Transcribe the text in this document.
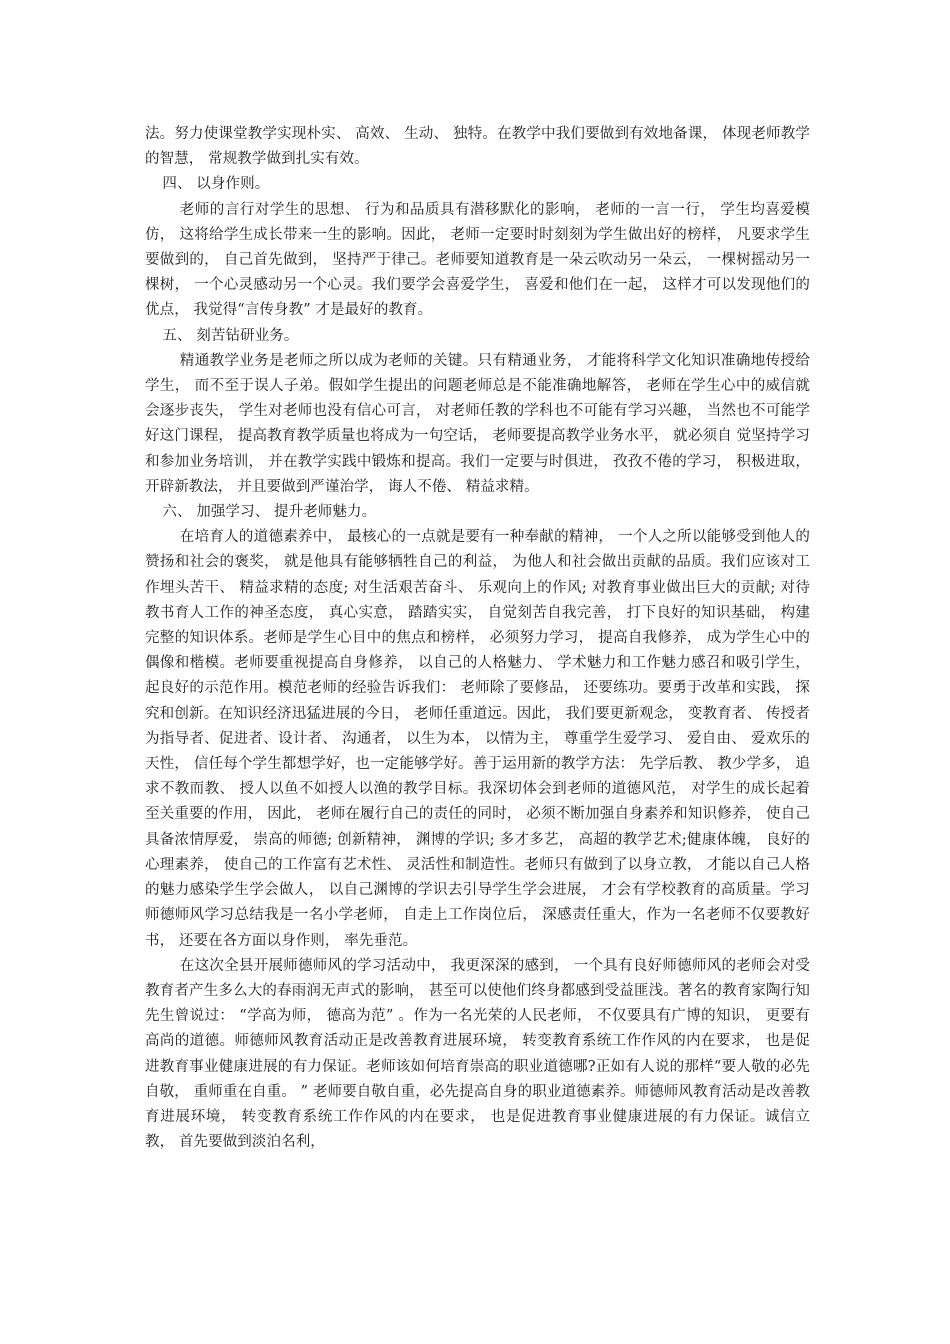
法。努力使课堂教学实现朴实、 高效、 生动、 独特。在教学中我们要做到有效地备课， 体现老师教学的智慧， 常规教学做到扎实有效。

四、 以身作则。

老师的言行对学生的思想、 行为和品质具有潜移默化的影响， 老师的一言一行， 学生均喜爱模仿， 这将给学生成长带来一生的影响。因此， 老师一定要时时刻刻为学生做出好的榜样， 凡要求学生要做到的， 自己首先做到， 坚持严于律己。老师要知道教育是一朵云吹动另一朵云， 一棵树摇动另一棵树， 一个心灵感动另一个心灵。我们要学会喜爱学生， 喜爱和他们在一起， 这样才可以发现他们的优点， 我觉得“言传身教” 才是最好的教育。

五、 刻苦钻研业务。

精通教学业务是老师之所以成为老师的关键。只有精通业务， 才能将科学文化知识准确地传授给学生， 而不至于误人子弟。假如学生提出的问题老师总是不能准确地解答， 老师在学生心中的威信就会逐步丧失， 学生对老师也没有信心可言， 对老师任教的学科也不可能有学习兴趣， 当然也不可能学好这门课程， 提高教育教学质量也将成为一句空话， 老师要提高教学业务水平， 就必须自 觉坚持学习和参加业务培训， 并在教学实践中锻炼和提高。我们一定要与时俱进， 孜孜不倦的学习， 积极进取， 开辟新教法， 并且要做到严谨治学， 诲人不倦、 精益求精。

六、 加强学习、 提升老师魅力。

在培育人的道德素养中， 最核心的一点就是要有一种奉献的精神， 一个人之所以能够受到他人的赞扬和社会的褒奖， 就是他具有能够牺牲自己的利益， 为他人和社会做出贡献的品质。我们应该对工作埋头苦干、 精益求精的态度; 对生活艰苦奋斗、 乐观向上的作风; 对教育事业做出巨大的贡献; 对待教书育人工作的神圣态度， 真心实意， 踏踏实实， 自觉刻苦自我完善， 打下良好的知识基础， 构建完整的知识体系。老师是学生心目中的焦点和榜样， 必须努力学习， 提高自我修养， 成为学生心中的偶像和楷模。老师要重视提高自身修养， 以自己的人格魅力、 学术魅力和工作魅力感召和吸引学生， 起良好的示范作用。模范老师的经验告诉我们： 老师除了要修品， 还要练功。要勇于改革和实践， 探究和创新。在知识经济迅猛进展的今日， 老师任重道远。因此， 我们要更新观念， 变教育者、 传授者为指导者、促进者、设计者、 沟通者， 以生为本， 以情为主， 尊重学生爱学习、 爱自由、 爱欢乐的天性， 信任每个学生都想学好，也一定能够学好。善于运用新的教学方法： 先学后教、 教少学多， 追求不教而教、 授人以鱼不如授人以渔的教学目标。我深切体会到老师的道德风范， 对学生的成长起着至关重要的作用， 因此， 老师在履行自己的责任的同时， 必须不断加强自身素养和知识修养， 使自己具备浓情厚爱， 崇高的师德; 创新精神， 渊博的学识; 多才多艺， 高超的教学艺术;健康体魄， 良好的心理素养， 使自己的工作富有艺术性、 灵活性和制造性。老师只有做到了以身立教， 才能以自己人格的魅力感染学生学会做人， 以自己渊博的学识去引导学生学会进展， 才会有学校教育的高质量。学习师德师风学习总结我是一名小学老师， 自走上工作岗位后， 深感责任重大，作为一名老师不仅要教好书， 还要在各方面以身作则， 率先垂范。

在这次全县开展师德师风的学习活动中， 我更深深的感到， 一个具有良好师德师风的老师会对受教育者产生多么大的春雨润无声式的影响， 甚至可以使他们终身都感到受益匪浅。著名的教育家陶行知先生曾说过： “学高为师， 德高为范” 。作为一名光荣的人民老师， 不仅要具有广博的知识， 更要有高尚的道德。师德师风教育活动正是改善教育进展环境， 转变教育系统工作作风的内在要求， 也是促进教育事业健康进展的有力保证。老师该如何培育崇高的职业道德哪?正如有人说的那样“要人敬的必先自敬， 重师重在自重。 ” 老师要自敬自重，必先提高自身的职业道德素养。师德师风教育活动是改善教育进展环境， 转变教育系统工作作风的内在要求， 也是促进教育事业健康进展的有力保证。诚信立教， 首先要做到淡泊名利，
